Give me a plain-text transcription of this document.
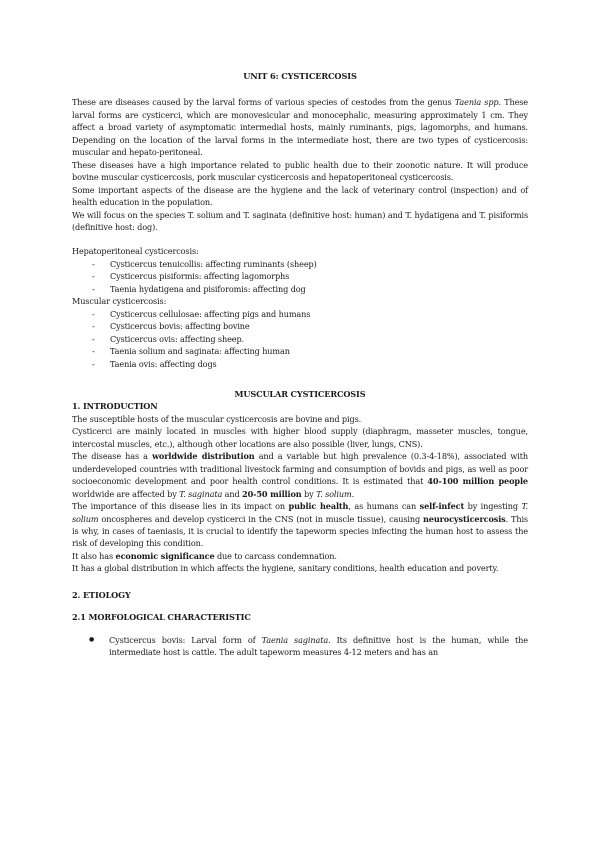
UNIT 6: CYSTICERCOSIS

These are diseases caused by the larval forms of various species of cestodes from the genus Taenia spp. These larval forms are cysticerci, which are monovesicular and monocephalic, measuring approximately 1 cm. They affect a broad variety of asymptomatic intermedial hosts, mainly ruminants, pigs, lagomorphs, and humans. Depending on the location of the larval forms in the intermediate host, there are two types of cysticercosis: muscular and hepato-peritoneal.

These diseases have a high importance related to public health due to their zoonotic nature. It will produce bovine muscular cysticercosis, pork muscular cysticercosis and hepatoperitoneal cysticercosis.

Some important aspects of the disease are the hygiene and the lack of veterinary control (inspection) and of health education in the population.

We will focus on the species T. solium and T. saginata (definitive host: human) and T. hydatigena and T. pisiformis (definitive host: dog).

Hepatoperitoneal cysticercosis:

- Cysticercus tenuicollis: affecting ruminants (sheep)
- Cysticercus pisiformis: affecting lagomorphs
- Taenia hydatigena and pisiforomis: affecting dog

Muscular cysticercosis:

- Cysticercus cellulosae: affecting pigs and humans
- Cysticercus bovis: affecting bovine
- Cysticercus ovis: affecting sheep.
- Taenia solium and saginata: affecting human
- Taenia ovis: affecting dogs
MUSCULAR CYSTICERCOSIS
1. INTRODUCTION

The susceptible hosts of the muscular cysticercosis are bovine and pigs.

Cysticerci are mainly located in muscles with higher blood supply (diaphragm, masseter muscles, tongue, intercostal muscles, etc.), although other locations are also possible (liver, lungs, CNS).

The disease has a worldwide distribution and a variable but high prevalence (0.3-4-18%), associated with underdeveloped countries with traditional livestock farming and consumption of bovids and pigs, as well as poor socioeconomic development and poor health control conditions. It is estimated that 40-100 million people worldwide are affected by T. saginata and 20-50 million by T. solium.

The importance of this disease lies in its impact on public health, as humans can self-infect by ingesting T. solium oncospheres and develop cysticerci in the CNS (not in muscle tissue), causing neurocysticercosis. This is why, in cases of taeniasis, it is crucial to identify the tapeworm species infecting the human host to assess the risk of developing this condition.

It also has economic significance due to carcass condemnation.

It has a global distribution in which affects the hygiene, sanitary conditions, health education and poverty.

2. ETIOLOGY
2.1 MORFOLOGICAL CHARACTERISTIC
● Cysticercus bovis: Larval form of Taenia saginata. Its definitive host is the human, while the intermediate host is cattle. The adult tapeworm measures 4-12 meters and has an
